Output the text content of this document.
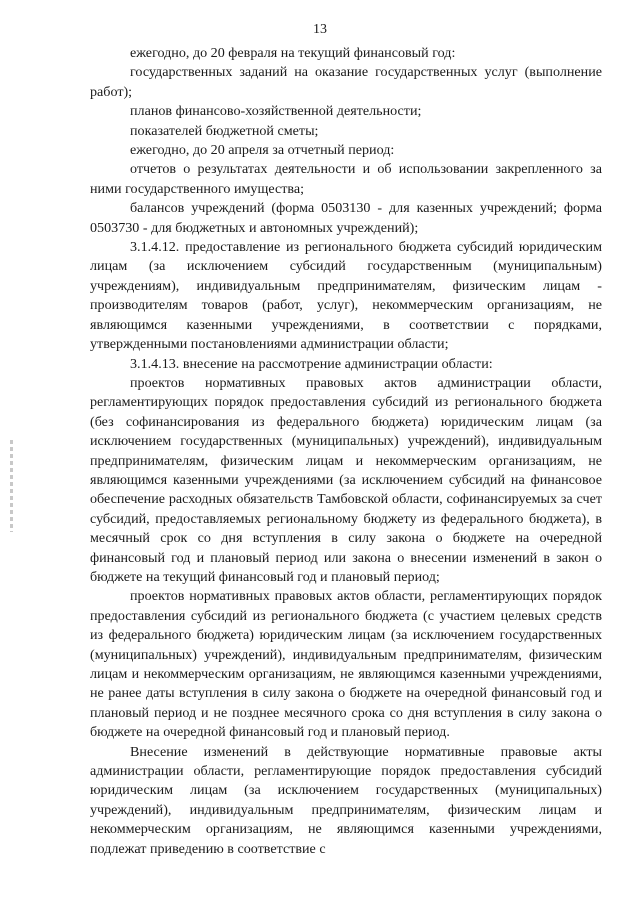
13

ежегодно, до 20 февраля на текущий финансовый год:

государственных заданий на оказание государственных услуг (выполнение работ);

планов финансово-хозяйственной деятельности;

показателей бюджетной сметы;

ежегодно, до 20 апреля за отчетный период:

отчетов о результатах деятельности и об использовании закрепленного за ними государственного имущества;

балансов учреждений (форма 0503130 - для казенных учреждений; форма 0503730 - для бюджетных и автономных учреждений);

3.1.4.12. предоставление из регионального бюджета субсидий юридическим лицам (за исключением субсидий государственным (муниципальным) учреждениям), индивидуальным предпринимателям, физическим лицам - производителям товаров (работ, услуг), некоммерческим организациям, не являющимся казенными учреждениями, в соответствии с порядками, утвержденными постановлениями администрации области;

3.1.4.13. внесение на рассмотрение администрации области:

проектов нормативных правовых актов администрации области, регламентирующих порядок предоставления субсидий из регионального бюджета (без софинансирования из федерального бюджета) юридическим лицам (за исключением государственных (муниципальных) учреждений), индивидуальным предпринимателям, физическим лицам и некоммерческим организациям, не являющимся казенными учреждениями (за исключением субсидий на финансовое обеспечение расходных обязательств Тамбовской области, софинансируемых за счет субсидий, предоставляемых региональному бюджету из федерального бюджета), в месячный срок со дня вступления в силу закона о бюджете на очередной финансовый год и плановый период или закона о внесении изменений в закон о бюджете на текущий финансовый год и плановый период;

проектов нормативных правовых актов области, регламентирующих порядок предоставления субсидий из регионального бюджета (с участием целевых средств из федерального бюджета) юридическим лицам (за исключением государственных (муниципальных) учреждений), индивидуальным предпринимателям, физическим лицам и некоммерческим организациям, не являющимся казенными учреждениями, не ранее даты вступления в силу закона о бюджете на очередной финансовый год и плановый период и не позднее месячного срока со дня вступления в силу закона о бюджете на очередной финансовый год и плановый период.

Внесение изменений в действующие нормативные правовые акты администрации области, регламентирующие порядок предоставления субсидий юридическим лицам (за исключением государственных (муниципальных) учреждений), индивидуальным предпринимателям, физическим лицам и некоммерческим организациям, не являющимся казенными учреждениями, подлежат приведению в соответствие с
